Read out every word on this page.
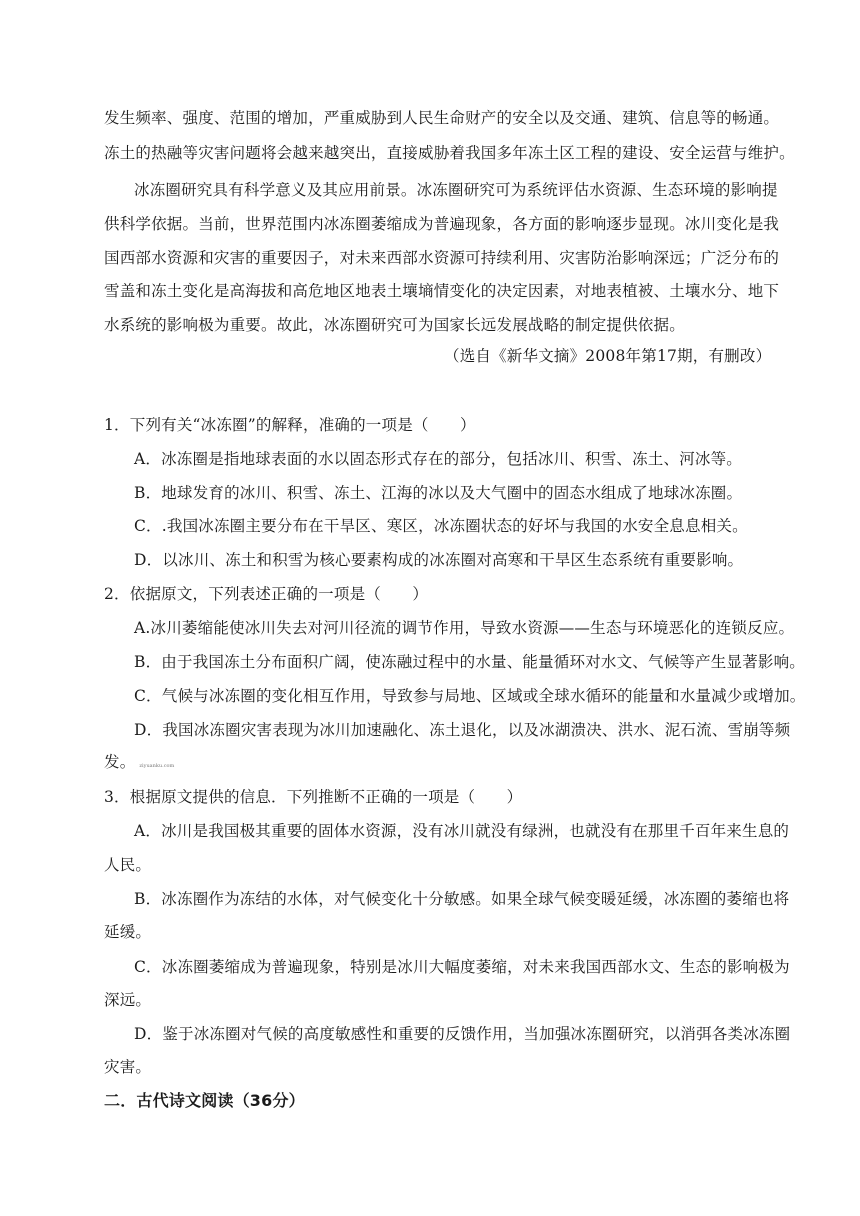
发生频率、强度、范围的增加，严重威胁到人民生命财产的安全以及交通、建筑、信息等的畅通。
冻土的热融等灾害问题将会越来越突出，直接威胁着我国多年冻土区工程的建设、安全运营与维护。
冰冻圈研究具有科学意义及其应用前景。冰冻圈研究可为系统评估水资源、生态环境的影响提
供科学依据。当前，世界范围内冰冻圈萎缩成为普遍现象，各方面的影响逐步显现。冰川变化是我
国西部水资源和灾害的重要因子，对未来西部水资源可持续利用、灾害防治影响深远；广泛分布的
雪盖和冻土变化是高海拔和高危地区地表土壤墒情变化的决定因素，对地表植被、土壤水分、地下
水系统的影响极为重要。故此，冰冻圈研究可为国家长远发展战略的制定提供依据。
（选自《新华文摘》2008年第17期，有删改）
1．下列有关“冰冻圈”的解释，准确的一项是（　　）
A．冰冻圈是指地球表面的水以固态形式存在的部分，包括冰川、积雪、冻土、河冰等。
B．地球发育的冰川、积雪、冻土、江海的冰以及大气圈中的固态水组成了地球冰冻圈。
C．.我国冰冻圈主要分布在干旱区、寒区，冰冻圈状态的好坏与我国的水安全息息相关。
D．以冰川、冻土和积雪为核心要素构成的冰冻圈对高寒和干旱区生态系统有重要影响。
2．依据原文，下列表述正确的一项是（　　）
A.冰川萎缩能使冰川失去对河川径流的调节作用，导致水资源——生态与环境恶化的连锁反应。
B．由于我国冻土分布面积广阔，使冻融过程中的水量、能量循环对水文、气候等产生显著影响。
C．气候与冰冻圈的变化相互作用，导致参与局地、区域或全球水循环的能量和水量减少或增加。
D．我国冰冻圈灾害表现为冰川加速融化、冻土退化，以及冰湖溃决、洪水、泥石流、雪崩等频
发。 ziyuanku.com
3．根据原文提供的信息．下列推断不正确的一项是（　　）
A．冰川是我国极其重要的固体水资源，没有冰川就没有绿洲，也就没有在那里千百年来生息的
人民。
B．冰冻圈作为冻结的水体，对气候变化十分敏感。如果全球气候变暖延缓，冰冻圈的萎缩也将
延缓。
C．冰冻圈萎缩成为普遍现象，特别是冰川大幅度萎缩，对未来我国西部水文、生态的影响极为
深远。
D．鉴于冰冻圈对气候的高度敏感性和重要的反馈作用，当加强冰冻圈研究，以消弭各类冰冻圈
灾害。
二．古代诗文阅读（36分）
